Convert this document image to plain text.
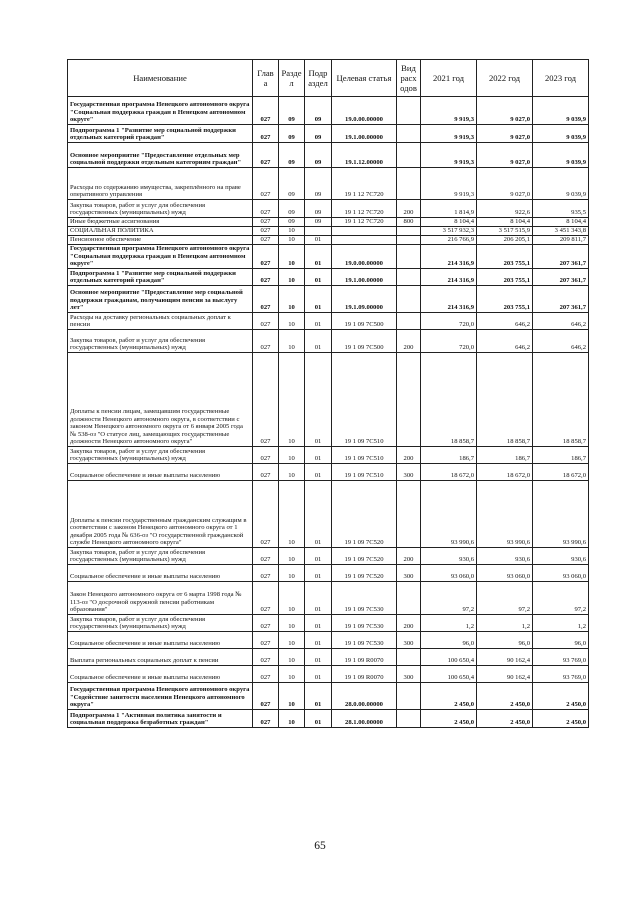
Наименование	Глав а	Разде л	Подр аздел	Целевая статья	Вид расх одов	2021 год	2022 год	2023 год
Государственная программа Ненецкого автономного округа "Социальная поддержка граждан в Ненецком автономном округе"	027	09	09	19.0.00.00000		9 919,3	9 027,0	9 039,9
Подпрограмма 1 "Развитие мер социальной поддержки отдельных категорий граждан"	027	09	09	19.1.00.00000		9 919,3	9 027,0	9 039,9
Основное мероприятие "Предоставление отдельных мер социальной поддержки отдельным категориям граждан"	027	09	09	19.1.12.00000		9 919,3	9 027,0	9 039,9
Расходы по содержанию имущества, закреплённого на праве оперативного управления	027	09	09	19 1 12 7С720		9 919,3	9 027,0	9 039,9
Закупка товаров, работ и услуг для обеспечения государственных (муниципальных) нужд	027	09	09	19 1 12 7С720	200	1 814,9	922,6	935,5
Иные бюджетные ассигнования	027	09	09	19 1 12 7С720	800	8 104,4	8 104,4	8 104,4
СОЦИАЛЬНАЯ ПОЛИТИКА	027	10				3 517 932,3	3 517 515,9	3 451 343,8
Пенсионное обеспечение	027	10	01			216 766,9	206 205,1	209 811,7
Государственная программа Ненецкого автономного округа "Социальная поддержка граждан в Ненецком автономном округе"	027	10	01	19.0.00.00000		214 316,9	203 755,1	207 361,7
Подпрограмма 1 "Развитие мер социальной поддержки отдельных категорий граждан"	027	10	01	19.1.00.00000		214 316,9	203 755,1	207 361,7
Основное мероприятие "Предоставление мер социальной поддержки гражданам, получающим пенсии за выслугу лет"	027	10	01	19.1.09.00000		214 316,9	203 755,1	207 361,7
Расходы на доставку региональных социальных доплат к пенсии	027	10	01	19 1 09 7С500		720,0	646,2	646,2
Закупка товаров, работ и услуг для обеспечения государственных (муниципальных) нужд	027	10	01	19 1 09 7С500	200	720,0	646,2	646,2
Доплаты к пенсии лицам, замещавшим государственные должности Ненецкого автономного округа, в соответствии с законом Ненецкого автономного округа от 6 января 2005 года № 538-оз "О статусе лиц, замещающих государственные должности Ненецкого автономного округа"	027	10	01	19 1 09 7С510		18 858,7	18 858,7	18 858,7
Закупка товаров, работ и услуг для обеспечения государственных (муниципальных) нужд	027	10	01	19 1 09 7С510	200	186,7	186,7	186,7
Социальное обеспечение и иные выплаты населению	027	10	01	19 1 09 7С510	300	18 672,0	18 672,0	18 672,0
Доплаты к пенсии государственным гражданским служащим в соответствии с законом Ненецкого автономного округа от 1 декабря 2005 года № 636-оз "О государственной гражданской службе Ненецкого автономного округа"	027	10	01	19 1 09 7С520		93 990,6	93 990,6	93 990,6
Закупка товаров, работ и услуг для обеспечения государственных (муниципальных) нужд	027	10	01	19 1 09 7С520	200	930,6	930,6	930,6
Социальное обеспечение и иные выплаты населению	027	10	01	19 1 09 7С520	300	93 060,0	93 060,0	93 060,0
Закон Ненецкого автономного округа от 6 марта 1998 года № 113-оз "О досрочной окружной пенсии работникам образования"	027	10	01	19 1 09 7С530		97,2	97,2	97,2
Закупка товаров, работ и услуг для обеспечения государственных (муниципальных) нужд	027	10	01	19 1 09 7С530	200	1,2	1,2	1,2
Социальное обеспечение и иные выплаты населению	027	10	01	19 1 09 7С530	300	96,0	96,0	96,0
Выплата региональных социальных доплат к пенсии	027	10	01	19 1 09 R0070		100 650,4	90 162,4	93 769,0
Социальное обеспечение и иные выплаты населению	027	10	01	19 1 09 R0070	300	100 650,4	90 162,4	93 769,0
Государственная программа Ненецкого автономного округа "Содействие занятости населения Ненецкого автономного округа"	027	10	01	28.0.00.00000		2 450,0	2 450,0	2 450,0
Подпрограмма 1 "Активная политика занятости и социальная поддержка безработных граждан"	027	10	01	28.1.00.00000		2 450,0	2 450,0	2 450,0
65
